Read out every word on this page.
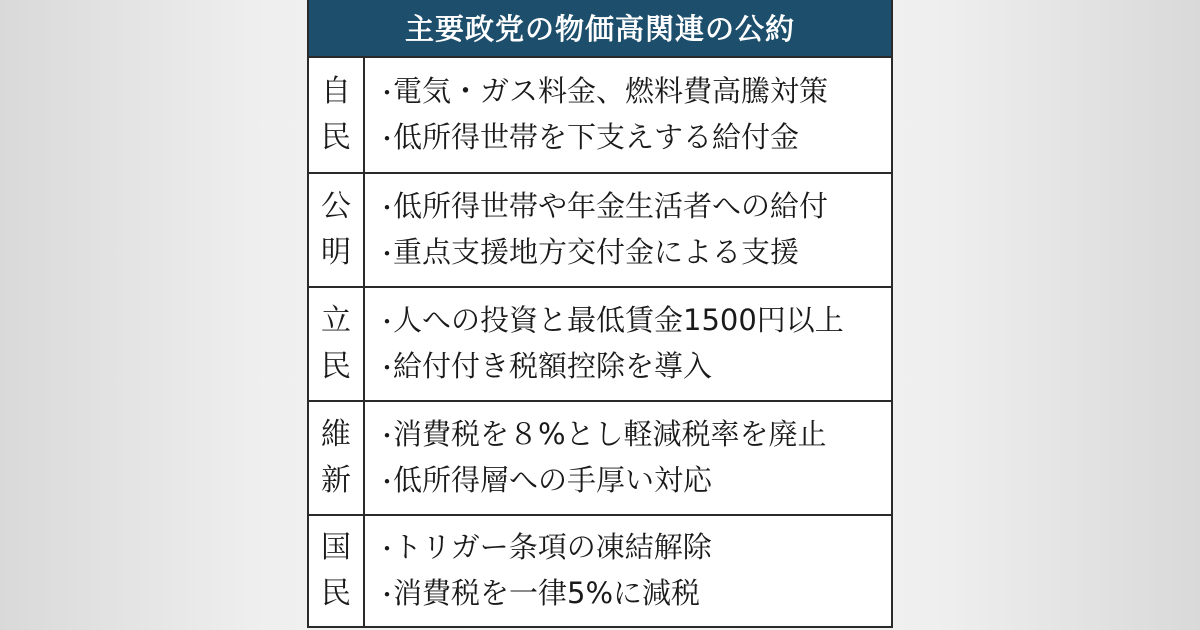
主要政党の物価高関連の公約
自
民
・電気・ガス料金、燃料費高騰対策
・低所得世帯を下支えする給付金
公
明
・低所得世帯や年金生活者への給付
・重点支援地方交付金による支援
立
民
・人への投資と最低賃金1500円以上
・給付付き税額控除を導入
維
新
・消費税を８%とし軽減税率を廃止
・低所得層への手厚い対応
国
民
・トリガー条項の凍結解除
・消費税を一律5%に減税
